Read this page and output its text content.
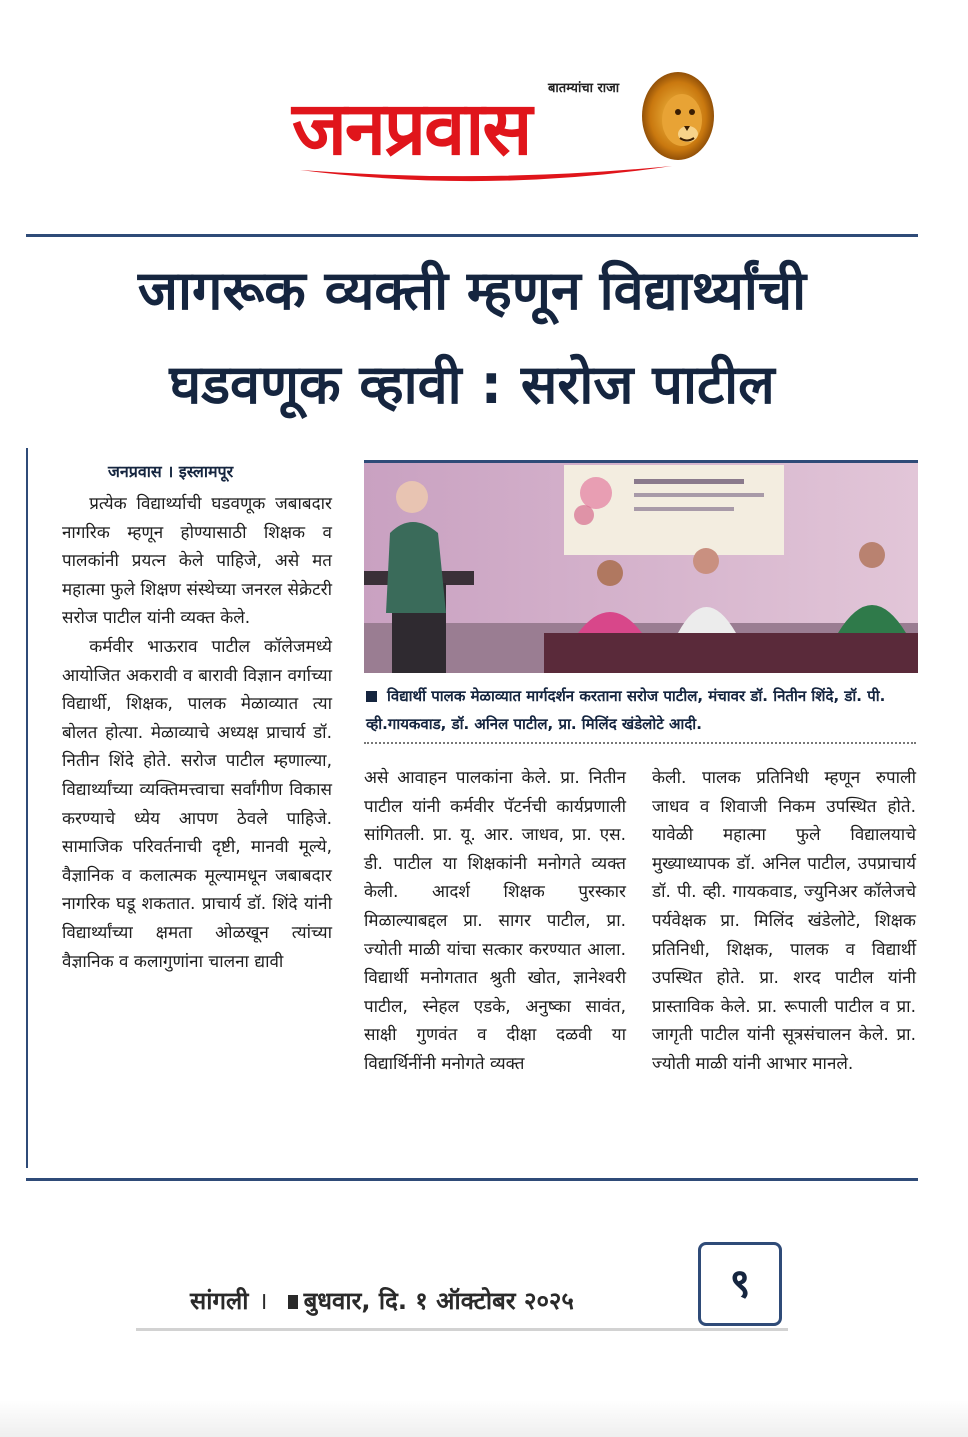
बातम्यांचा राजा
जनप्रवास
जागरूक व्यक्ती म्हणून विद्यार्थ्यांची
घडवणूक व्हावी : सरोज पाटील
जनप्रवास । इस्लामपूर

प्रत्येक विद्यार्थ्याची घडवणूक जबाबदार नागरिक म्हणून होण्यासाठी शिक्षक व पालकांनी प्रयत्न केले पाहिजे, असे मत महात्मा फुले शिक्षण संस्थेच्या जनरल सेक्रेटरी सरोज पाटील यांनी व्यक्त केले.

कर्मवीर भाऊराव पाटील कॉलेजमध्ये आयोजित अकरावी व बारावी विज्ञान वर्गाच्या विद्यार्थी, शिक्षक, पालक मेळाव्यात त्या बोलत होत्या. मेळाव्याचे अध्यक्ष प्राचार्य डॉ. नितीन शिंदे होते. सरोज पाटील म्हणाल्या, विद्यार्थ्यांच्या व्यक्तिमत्त्वाचा सर्वांगीण विकास करण्याचे ध्येय आपण ठेवले पाहिजे. सामाजिक परिवर्तनाची दृष्टी, मानवी मूल्ये, वैज्ञानिक व कलात्मक मूल्यामधून जबाबदार नागरिक घडू शकतात. प्राचार्य डॉ. शिंदे यांनी विद्यार्थ्यांच्या क्षमता ओळखून त्यांच्या वैज्ञानिक व कलागुणांना चालना द्यावी

विद्यार्थी पालक मेळाव्यात मार्गदर्शन करताना सरोज पाटील, मंचावर डॉ. नितीन शिंदे, डॉ. पी. व्ही.गायकवाड, डॉ. अनिल पाटील, प्रा. मिलिंद खंडेलोटे आदी.
असे आवाहन पालकांना केले. प्रा. नितीन पाटील यांनी कर्मवीर पॅटर्नची कार्यप्रणाली सांगितली. प्रा. यू. आर. जाधव, प्रा. एस. डी. पाटील या शिक्षकांनी मनोगते व्यक्त केली. आदर्श शिक्षक पुरस्कार मिळाल्याबद्दल प्रा. सागर पाटील, प्रा. ज्योती माळी यांचा सत्कार करण्यात आला. विद्यार्थी मनोगतात श्रुती खोत, ज्ञानेश्वरी पाटील, स्नेहल एडके, अनुष्का सावंत, साक्षी गुणवंत व दीक्षा दळवी या विद्यार्थिनींनी मनोगते व्यक्त
केली. पालक प्रतिनिधी म्हणून रुपाली जाधव व शिवाजी निकम उपस्थित होते. यावेळी महात्मा फुले विद्यालयाचे मुख्याध्यापक डॉ. अनिल पाटील, उपप्राचार्य डॉ. पी. व्ही. गायकवाड, ज्युनिअर कॉलेजचे पर्यवेक्षक प्रा. मिलिंद खंडेलोटे, शिक्षक प्रतिनिधी, शिक्षक, पालक व विद्यार्थी उपस्थित होते. प्रा. शरद पाटील यांनी प्रास्ताविक केले. प्रा. रूपाली पाटील व प्रा. जागृती पाटील यांनी सूत्रसंचालन केले. प्रा. ज्योती माळी यांनी आभार मानले.
सांगली । बुधवार, दि. १ ऑक्टोबर २०२५	९
